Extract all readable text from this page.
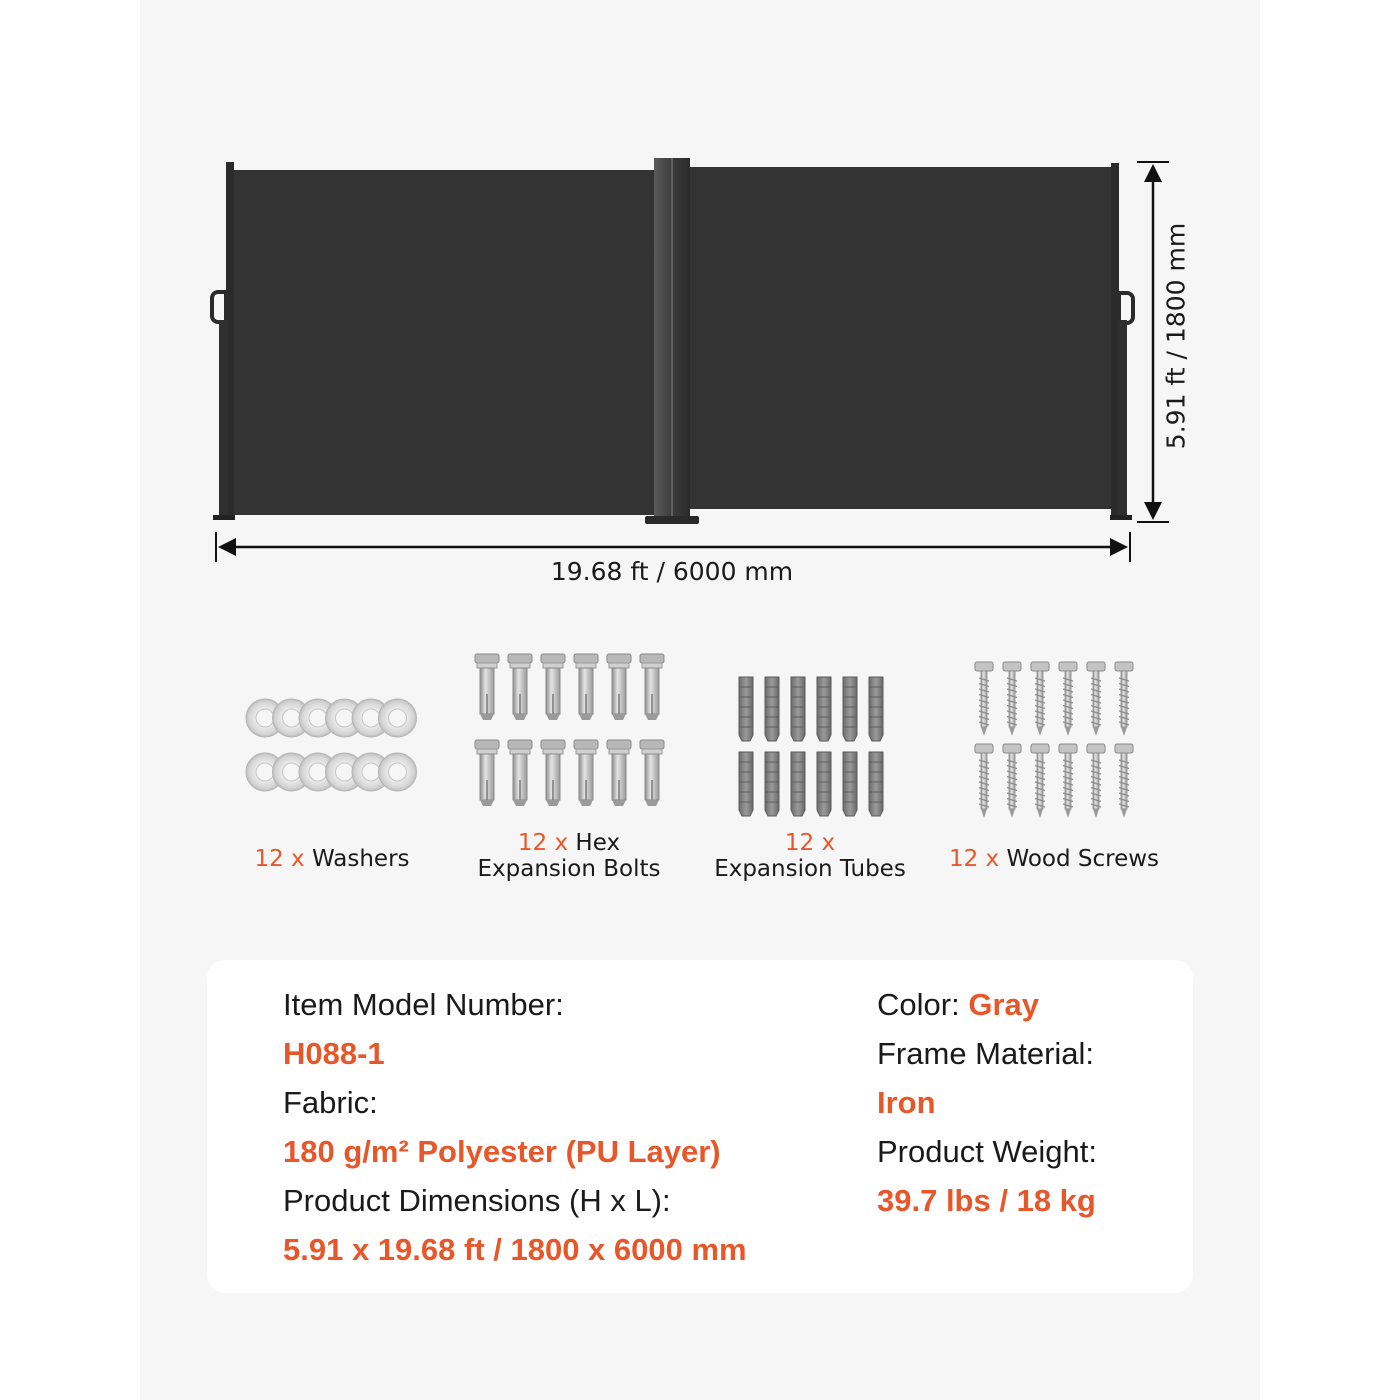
19.68 ft / 6000 mm
5.91 ft / 1800 mm
12 x Washers
12 x Hex
Expansion Bolts
12 x
Expansion Tubes	12 x Wood Screws
Item Model Number:
H088-1
Fabric:
180 g/m² Polyester (PU Layer)
Product Dimensions (H x L):
5.91 x 19.68 ft / 1800 x 6000 mm
Color: Gray
Frame Material:
Iron
Product Weight:
39.7 lbs / 18 kg
